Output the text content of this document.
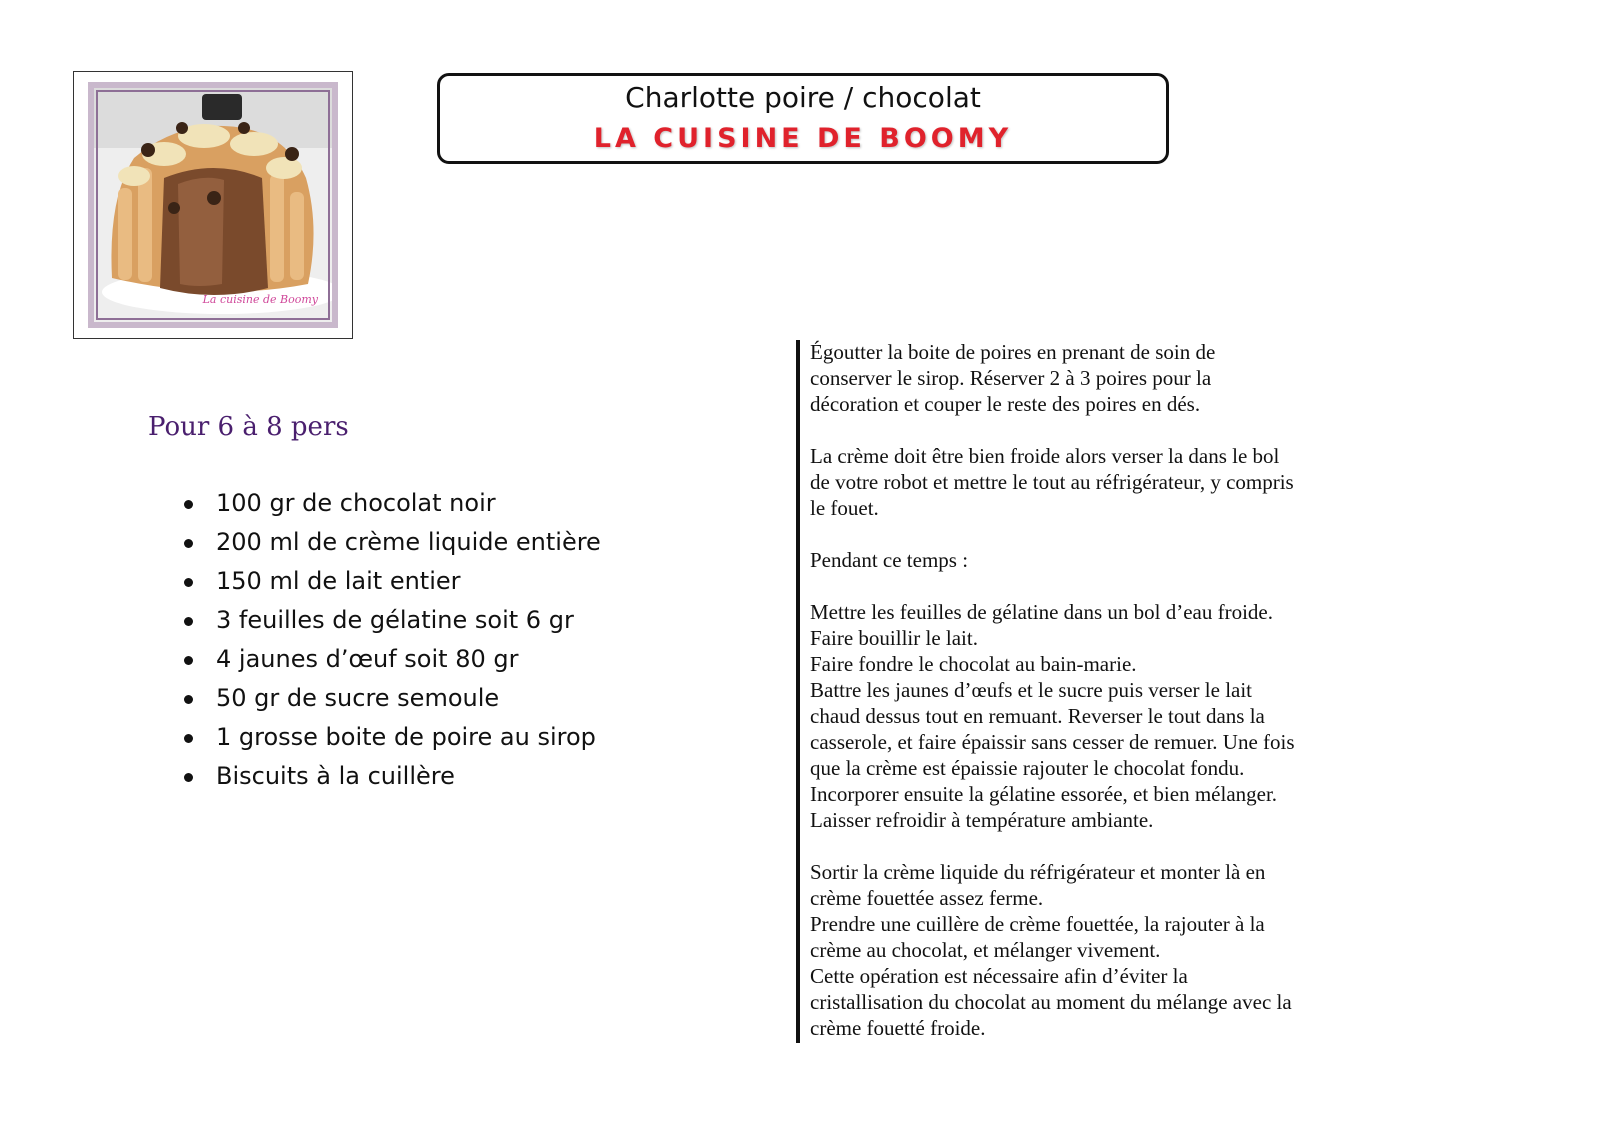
La cuisine de Boomy
Charlotte poire / chocolat
LA CUISINE DE BOOMY
Pour 6 à 8 pers
100 gr de chocolat noir
200 ml de crème liquide entière
150 ml de lait entier
3 feuilles de gélatine soit 6 gr
4 jaunes d’œuf soit 80 gr
50 gr de sucre semoule
1 grosse boite de poire au sirop
Biscuits à la cuillère

Égoutter la boite de poires en prenant de soin de
conserver le sirop. Réserver 2 à 3 poires pour la
décoration et couper le reste des poires en dés.

La crème doit être bien froide alors verser la dans le bol
de votre robot et mettre le tout au réfrigérateur, y compris
le fouet.

Pendant ce temps :

Mettre les feuilles de gélatine dans un bol d’eau froide.
Faire bouillir le lait.
Faire fondre le chocolat au bain-marie.
Battre les jaunes d’œufs et le sucre puis verser le lait
chaud dessus tout en remuant. Reverser le tout dans la
casserole, et faire épaissir sans cesser de remuer. Une fois
que la crème est épaissie rajouter le chocolat fondu.
Incorporer ensuite la gélatine essorée, et bien mélanger.
Laisser refroidir à température ambiante.

Sortir la crème liquide du réfrigérateur et monter là en
crème fouettée assez ferme.
Prendre une cuillère de crème fouettée, la rajouter à la
crème au chocolat, et mélanger vivement.
Cette opération est nécessaire afin d’éviter la
cristallisation du chocolat au moment du mélange avec la
crème fouetté froide.
